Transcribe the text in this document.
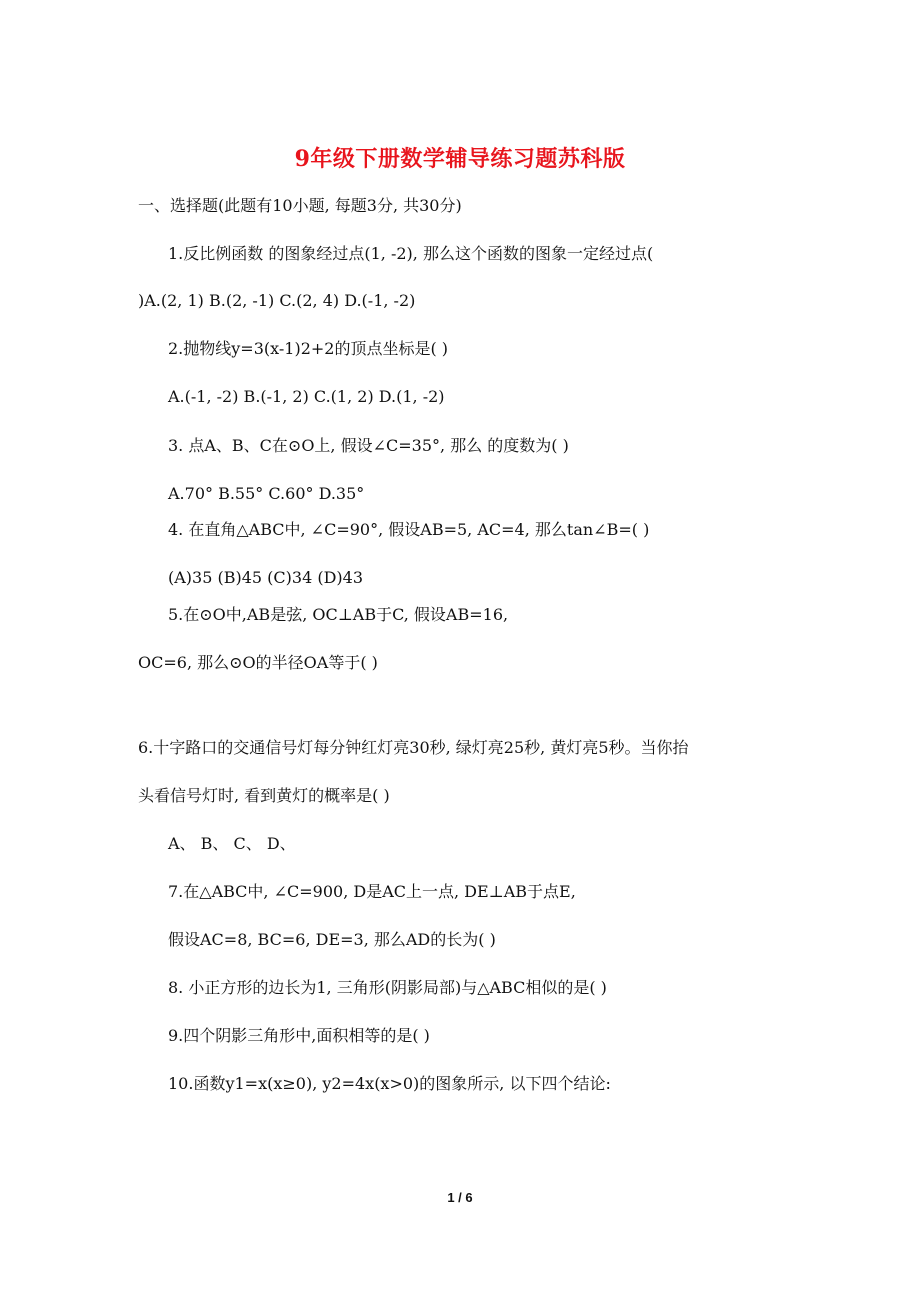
9年级下册数学辅导练习题苏科版
一、选择题(此题有10小题, 每题3分, 共30分)
1.反比例函数 的图象经过点(1, -2), 那么这个函数的图象一定经过点(
)A.(2, 1) B.(2, -1) C.(2, 4) D.(-1, -2)
2.抛物线y=3(x-1)2+2的顶点坐标是( )
A.(-1, -2) B.(-1, 2) C.(1, 2) D.(1, -2)
3. 点A、B、C在⊙O上, 假设∠C=35°, 那么 的度数为( )
A.70° B.55° C.60° D.35°
4. 在直角△ABC中, ∠C=90°, 假设AB=5, AC=4, 那么tan∠B=( )
(A)35 (B)45 (C)34 (D)43
5.在⊙O中,AB是弦, OC⊥AB于C, 假设AB=16,
OC=6, 那么⊙O的半径OA等于( )
6.十字路口的交通信号灯每分钟红灯亮30秒, 绿灯亮25秒, 黄灯亮5秒。当你抬
头看信号灯时, 看到黄灯的概率是( )
A、 B、 C、 D、
7.在△ABC中, ∠C=900, D是AC上一点, DE⊥AB于点E,
假设AC=8, BC=6, DE=3, 那么AD的长为( )
8. 小正方形的边长为1, 三角形(阴影局部)与△ABC相似的是( )
9.四个阴影三角形中,面积相等的是( )
10.函数y1=x(x≥0), y2=4x(x>0)的图象所示, 以下四个结论:
1 / 6
